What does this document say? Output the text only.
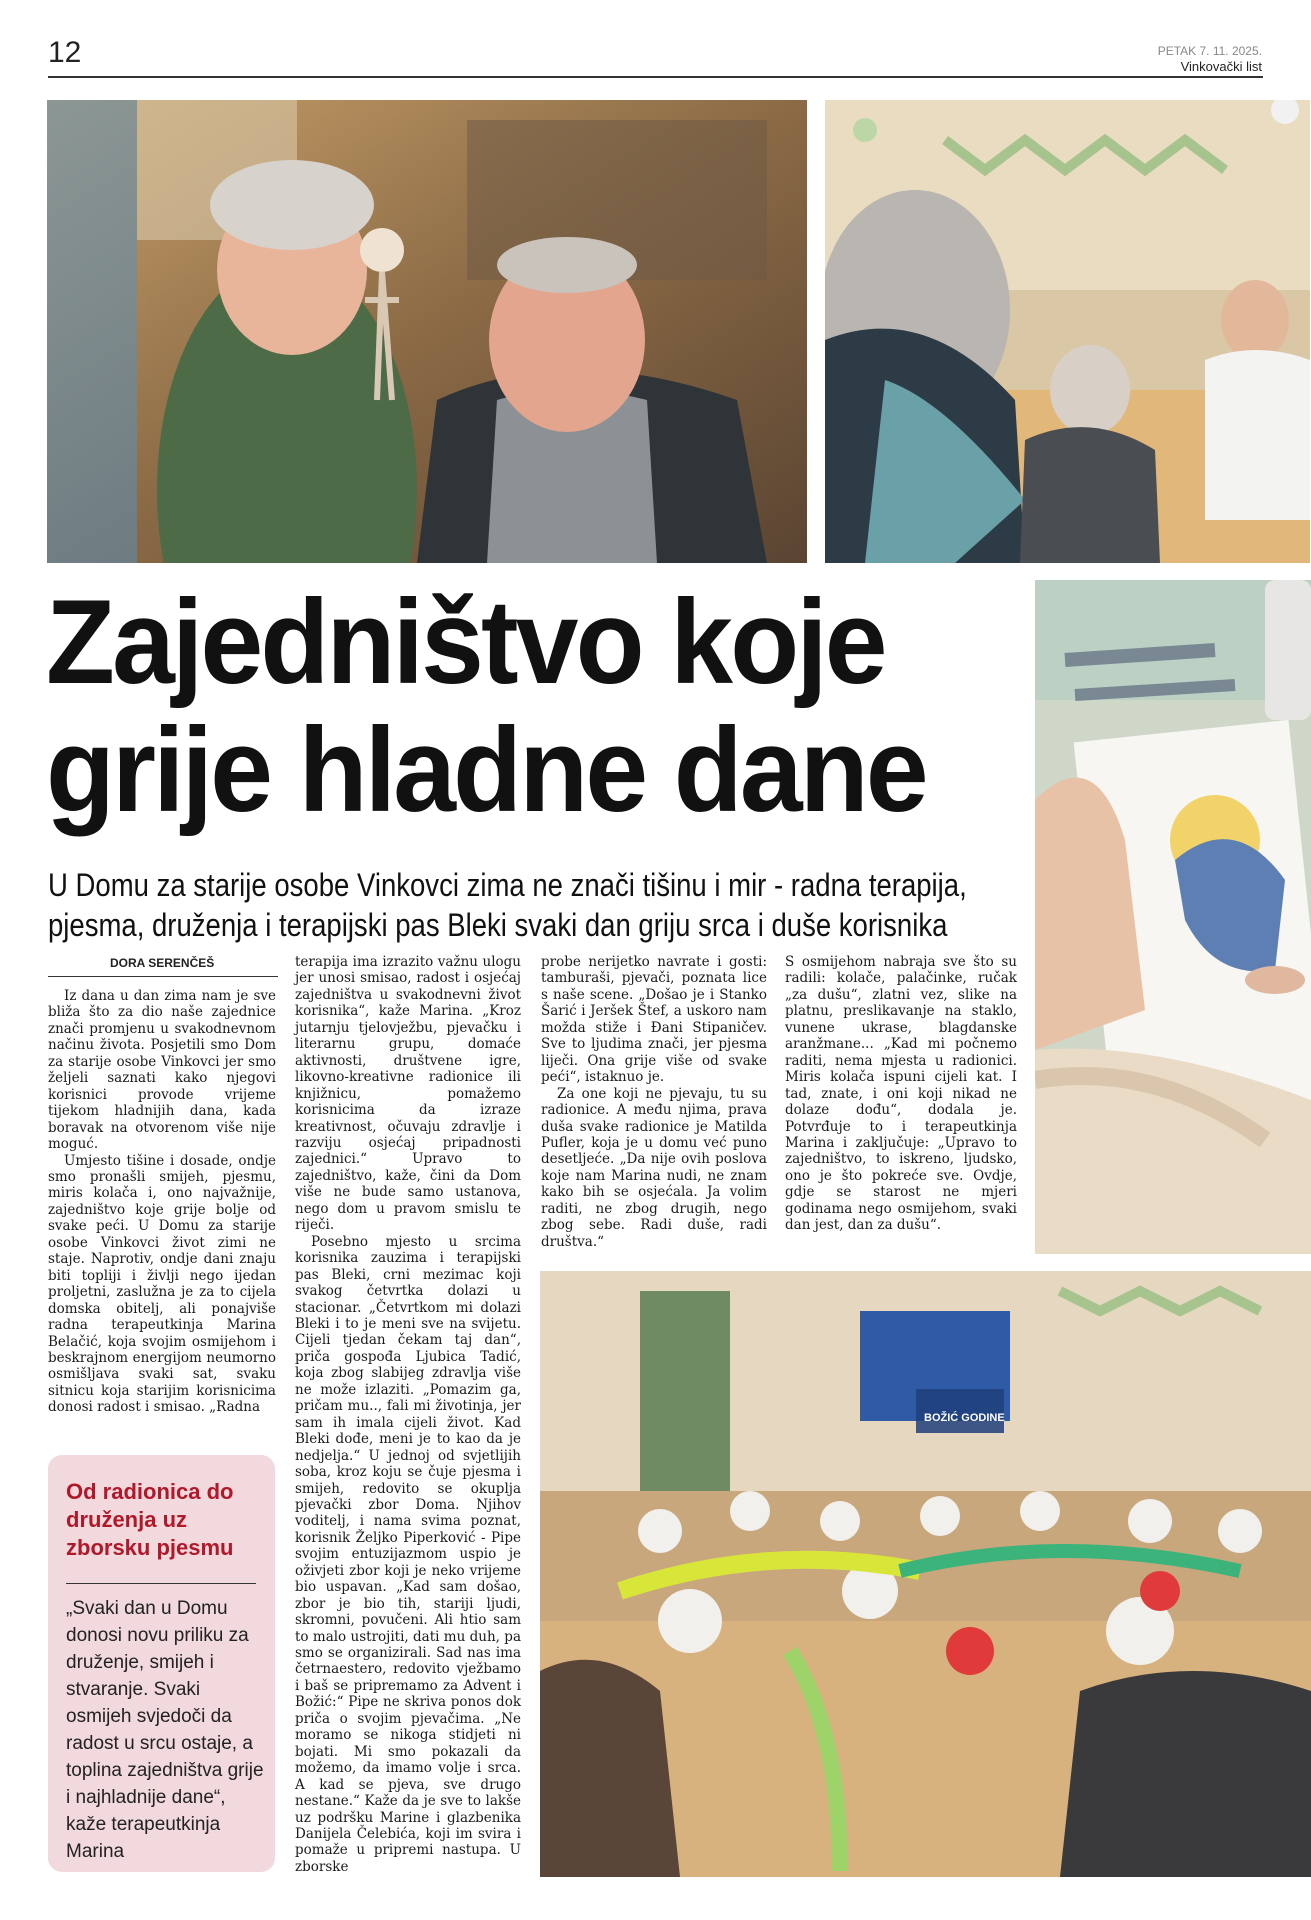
12	PETAK 7. 11. 2025.
Vinkovački list
BOŽIĆ GODINE
Zajedništvo koje
grije hladne dane
U Domu za starije osobe Vinkovci zima ne znači tišinu i mir - radna terapija,
pjesma, druženja i terapijski pas Bleki svaki dan griju srca i duše korisnika
DORA SERENČEŠ

Iz dana u dan zima nam je sve bliža što za dio naše zajednice znači promjenu u svakodnevnom načinu života. Posjetili smo Dom za starije osobe Vinkovci jer smo željeli saznati kako njegovi korisnici provode vrijeme tijekom hladnijih dana, kada boravak na otvorenom više nije moguć.

Umjesto tišine i dosade, ondje smo pronašli smijeh, pjesmu, miris kolača i, ono najvažnije, zajedništvo koje grije bolje od svake peći. U Domu za starije osobe Vinkovci život zimi ne staje. Naprotiv, ondje dani znaju biti topliji i življi nego ijedan proljetni, zaslužna je za to cijela domska obitelj, ali ponajviše radna terapeutkinja Marina Belačić, koja svojim osmijehom i beskrajnom energijom neumorno osmišljava svaki sat, svaku sitnicu koja starijim korisnicima donosi radost i smisao. „Radna

terapija ima izrazito važnu ulogu jer unosi smisao, radost i osjećaj zajedništva u svakodnevni život korisnika“, kaže Marina. „Kroz jutarnju tjelovježbu, pjevačku i literarnu grupu, domaće aktivnosti, društvene igre, likovno-kreativne radionice ili knjižnicu, pomažemo korisnicima da izraze kreativnost, očuvaju zdravlje i razviju osjećaj pripadnosti zajednici.“ Upravo to zajedništvo, kaže, čini da Dom više ne bude samo ustanova, nego dom u pravom smislu te riječi.

Posebno mjesto u srcima korisnika zauzima i terapijski pas Bleki, crni mezimac koji svakog četvrtka dolazi u stacionar. „Četvrtkom mi dolazi Bleki i to je meni sve na svijetu. Cijeli tjedan čekam taj dan“, priča gospođa Ljubica Tadić, koja zbog slabijeg zdravlja više ne može izlaziti. „Pomazim ga, pričam mu.., fali mi životinja, jer sam ih imala cijeli život. Kad Bleki dođe, meni je to kao da je nedjelja.“ U jednoj od svjetlijih soba, kroz koju se čuje pjesma i smijeh, redovito se okuplja pjevački zbor Doma. Njihov voditelj, i nama svima poznat, korisnik Željko Piperković - Pipe svojim entuzijazmom uspio je oživjeti zbor koji je neko vrijeme bio uspavan. „Kad sam došao, zbor je bio tih, stariji ljudi, skromni, povučeni. Ali htio sam to malo ustrojiti, dati mu duh, pa smo se organizirali. Sad nas ima četrnaestero, redovito vježbamo i baš se pripremamo za Advent i Božić:“ Pipe ne skriva ponos dok priča o svojim pjevačima. „Ne moramo se nikoga stidjeti ni bojati. Mi smo pokazali da možemo, da imamo volje i srca. A kad se pjeva, sve drugo nestane.“ Kaže da je sve to lakše uz podršku Marine i glazbenika Danijela Čelebića, koji im svira i pomaže u pripremi nastupa. U zborske

probe nerijetko navrate i gosti: tamburaši, pjevači, poznata lice s naše scene. „Došao je i Stanko Šarić i Jeršek Štef, a uskoro nam možda stiže i Đani Stipaničev. Sve to ljudima znači, jer pjesma liječi. Ona grije više od svake peći“, istaknuo je.

Za one koji ne pjevaju, tu su radionice. A među njima, prava duša svake radionice je Matilda Pufler, koja je u domu već puno desetljeće. „Da nije ovih poslova koje nam Marina nudi, ne znam kako bih se osjećala. Ja volim raditi, ne zbog drugih, nego zbog sebe. Radi duše, radi društva.“

S osmijehom nabraja sve što su radili: kolače, palačinke, ručak „za dušu“, zlatni vez, slike na platnu, preslikavanje na staklo, vunene ukrase, blagdanske aranžmane... „Kad mi počnemo raditi, nema mjesta u radionici. Miris kolača ispuni cijeli kat. I tad, znate, i oni koji nikad ne dolaze dođu“, dodala je. Potvrđuje to i terapeutkinja Marina i zaključuje: „Upravo to zajedništvo, to iskreno, ljudsko, ono je što pokreće sve. Ovdje, gdje se starost ne mjeri godinama nego osmijehom, svaki dan jest, dan za dušu“.

Od radionica do druženja uz zborsku pjesmu
„Svaki dan u Domu donosi novu priliku za druženje, smijeh i stvaranje. Svaki osmijeh svjedoči da radost u srcu ostaje, a toplina zajedništva grije i najhladnije dane“, kaže terapeutkinja Marina
